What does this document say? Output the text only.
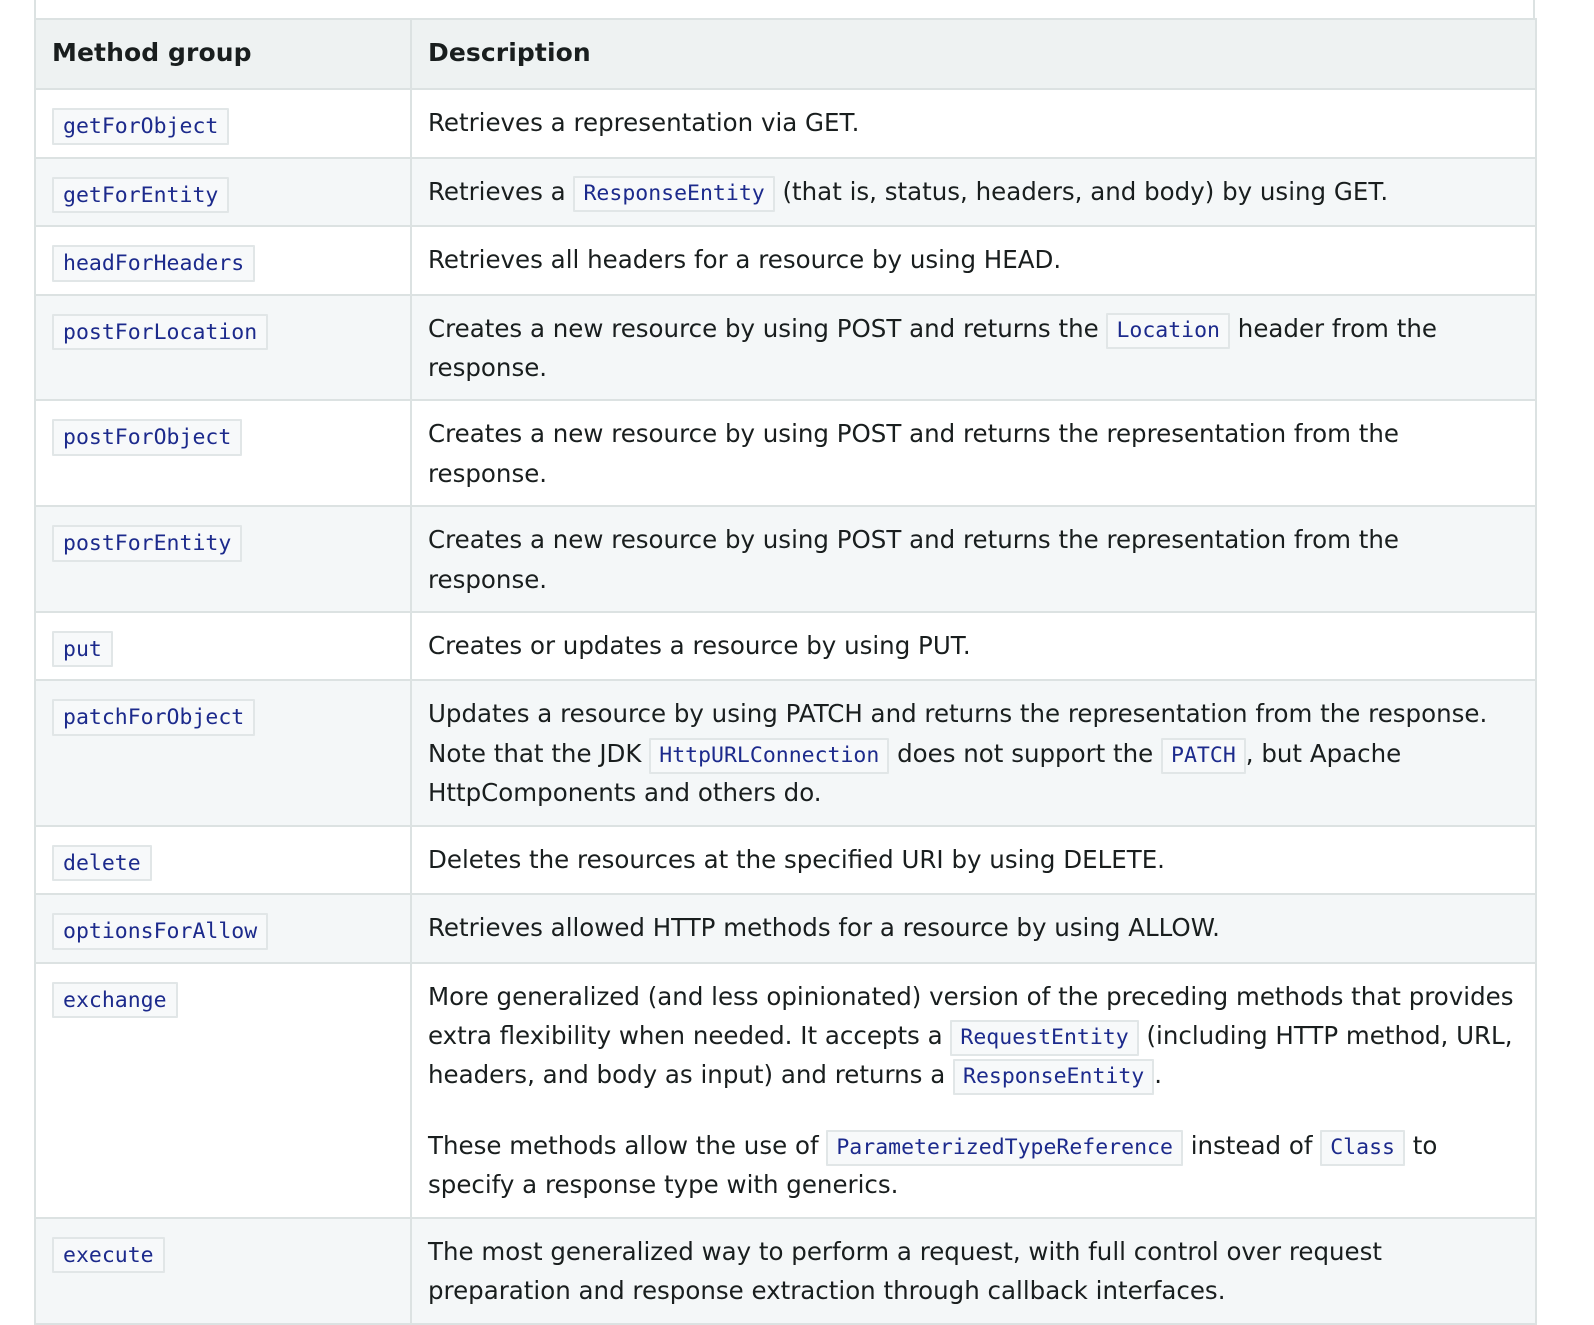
Method group	Description
getForObject	Retrieves a representation via GET.
getForEntity	Retrieves a ResponseEntity (that is, status, headers, and body) by using GET.
headForHeaders	Retrieves all headers for a resource by using HEAD.
postForLocation	Creates a new resource by using POST and returns the Location header from the response.
postForObject	Creates a new resource by using POST and returns the representation from the response.
postForEntity	Creates a new resource by using POST and returns the representation from the response.
put	Creates or updates a resource by using PUT.
patchForObject	Updates a resource by using PATCH and returns the representation from the response. Note that the JDK HttpURLConnection does not support the PATCH , but Apache HttpComponents and others do.
delete	Deletes the resources at the specified URI by using DELETE.
optionsForAllow	Retrieves allowed HTTP methods for a resource by using ALLOW.
exchange	More generalized (and less opinionated) version of the preceding methods that provides extra flexibility when needed. It accepts a RequestEntity (including HTTP method, URL, headers, and body as input) and returns a ResponseEntity .
These methods allow the use of ParameterizedTypeReference instead of Class to specify a response type with generics.

execute	The most generalized way to perform a request, with full control over request preparation and response extraction through callback interfaces.
